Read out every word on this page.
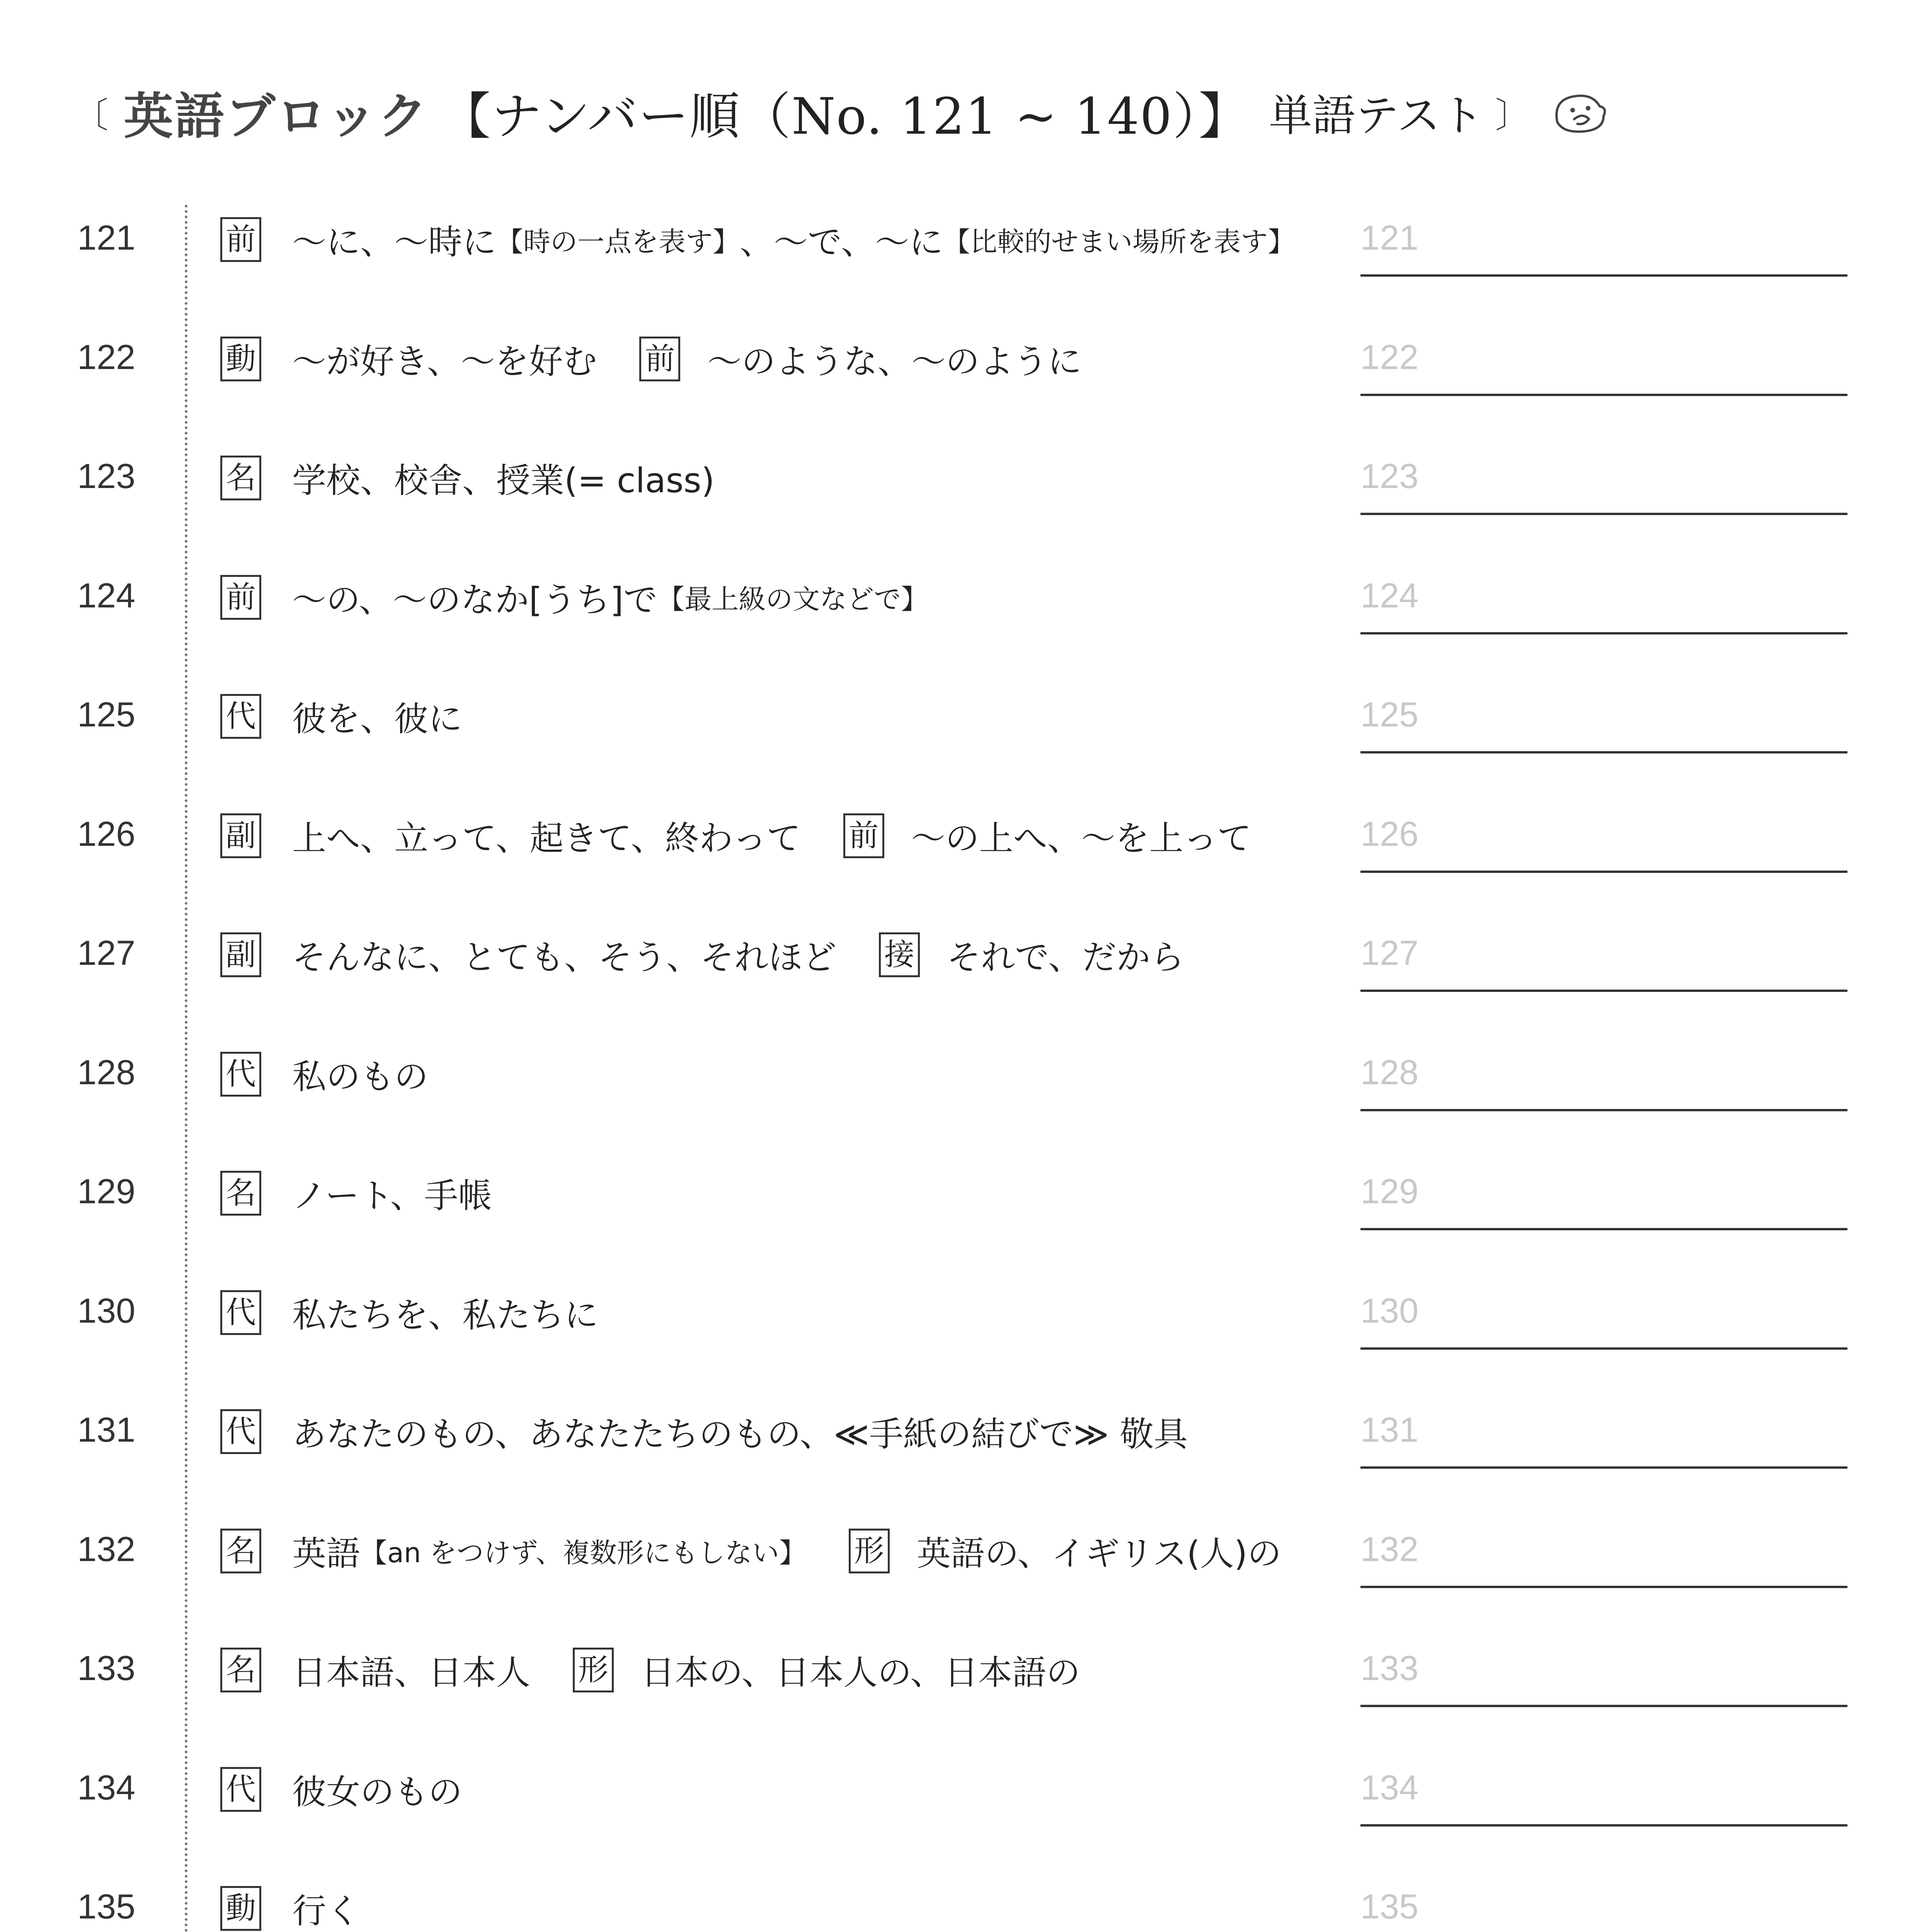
〔 英語ブロック 【ナンバー順（No. 121 ~ 140）】 単語テスト 〕
121	前 ～に、～時に 【時の一点を表す】 、～で、～に 【比較的せまい場所を表す】 121
122	動 ～が好き、～を好む 前 ～のような、～のように	122
123	名 学校、校舎、授業(= class)	123
124	前 ～の、～のなか[うち]で 【最上級の文などで】	124
125	代 彼を、彼に	125
126	副 上へ、立って、起きて、終わって 前 ～の上へ、～を上って	126
127	副 そんなに、とても、そう、それほど 接 それで、だから	127
128	代 私のもの	128
129	名 ノート、手帳	129
130	代 私たちを、私たちに	130
131	代 あなたのもの、あなたたちのもの、≪手紙の結びで≫ 敬具	131
132	名 英語 【an をつけず、複数形にもしない】 形 英語の、イギリス(人)の 132
133	名 日本語、日本人 形 日本の、日本人の、日本語の	133
134	代 彼女のもの	134
135	動 行く	135
